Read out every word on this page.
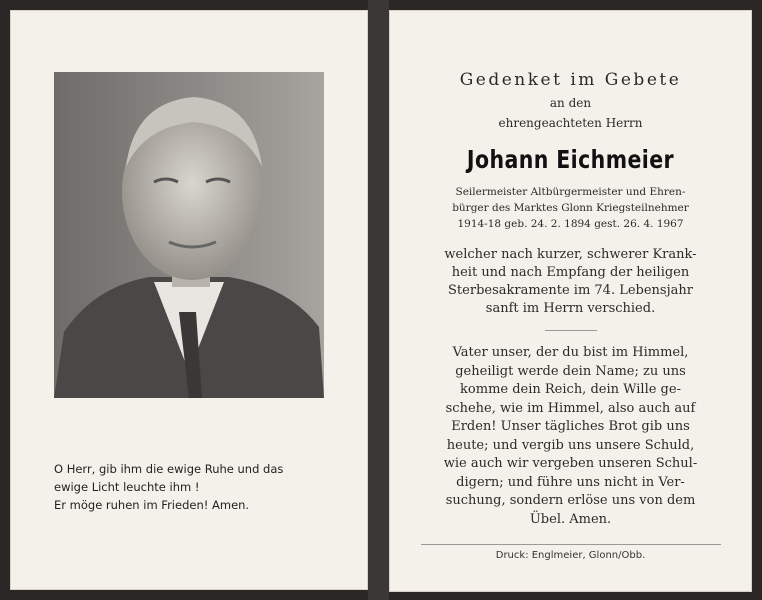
O Herr, gib ihm die ewige Ruhe und das
ewige Licht leuchte ihm !
Er möge ruhen im Frieden! Amen.
Gedenket im Gebete
an den
ehrengeachteten Herrn
Johann Eichmeier
Seilermeister Altbürgermeister und Ehren-
bürger des Marktes Glonn Kriegsteilnehmer
1914-18 geb. 24. 2. 1894 gest. 26. 4. 1967
welcher nach kurzer, schwerer Krank-
heit und nach Empfang der heiligen
Sterbesakramente im 74. Lebensjahr
sanft im Herrn verschied.
Vater unser, der du bist im Himmel,
geheiligt werde dein Name; zu uns
komme dein Reich, dein Wille ge-
schehe, wie im Himmel, also auch auf
Erden! Unser tägliches Brot gib uns
heute; und vergib uns unsere Schuld,
wie auch wir vergeben unseren Schul-
digern; und führe uns nicht in Ver-
suchung, sondern erlöse uns von dem
Übel. Amen.
Druck: Englmeier, Glonn/Obb.
